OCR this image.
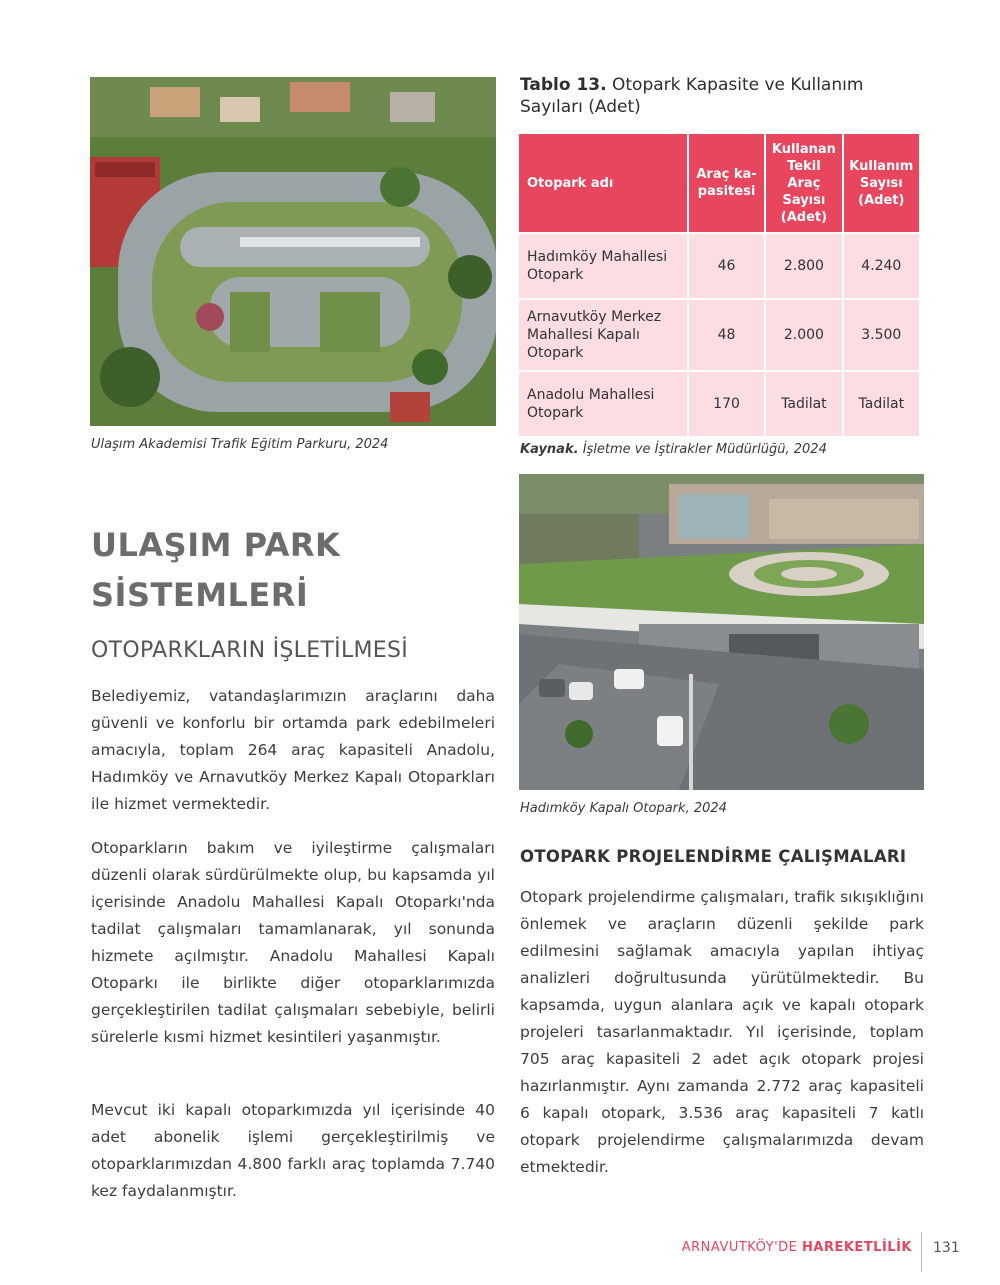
Ulaşım Akademisi Trafik Eğitim Parkuru, 2024
Tablo 13. Otopark Kapasite ve Kullanım Sayıları (Adet)
Otopark adı	Araç ka-pasitesi	Kullanan Tekil Araç Sayısı (Adet)	Kullanım Sayısı (Adet)
Hadımköy Mahallesi Otopark	46	2.800	4.240
Arnavutköy Merkez Mahallesi Kapalı Otopark	48	2.000	3.500
Anadolu Mahallesi Otopark	170	Tadilat	Tadilat
Kaynak. İşletme ve İştirakler Müdürlüğü, 2024
Hadımköy Kapalı Otopark, 2024
ULAŞIM PARK
SİSTEMLERİ
OTOPARKLARIN İŞLETİLMESİ

Belediyemiz, vatandaşlarımızın araçlarını daha güvenli ve konforlu bir ortamda park edebilmeleri amacıyla, toplam 264 araç kapasiteli Anadolu, Hadımköy ve Arnavutköy Merkez Kapalı Otoparkları ile hizmet vermektedir.

Otoparkların bakım ve iyileştirme çalışmaları düzenli olarak sürdürülmekte olup, bu kapsamda yıl içerisinde Anadolu Mahallesi Kapalı Otoparkı'nda tadilat çalışmaları tamamlanarak, yıl sonunda hizmete açılmıştır. Anadolu Mahallesi Kapalı Otoparkı ile birlikte diğer otoparklarımızda gerçekleştirilen tadilat çalışmaları sebebiyle, belirli sürelerle kısmi hizmet kesintileri yaşanmıştır.

Mevcut iki kapalı otoparkımızda yıl içerisinde 40 adet abonelik işlemi gerçekleştirilmiş ve otoparklarımızdan 4.800 farklı araç toplamda 7.740 kez faydalanmıştır.

OTOPARK PROJELENDİRME ÇALIŞMALARI

Otopark projelendirme çalışmaları, trafik sıkışıklığını önlemek ve araçların düzenli şekilde park edilmesini sağlamak amacıyla yapılan ihtiyaç analizleri doğrultusunda yürütülmektedir. Bu kapsamda, uygun alanlara açık ve kapalı otopark projeleri tasarlanmaktadır. Yıl içerisinde, toplam 705 araç kapasiteli 2 adet açık otopark projesi hazırlanmıştır. Aynı zamanda 2.772 araç kapasiteli 6 kapalı otopark, 3.536 araç kapasiteli 7 katlı otopark projelendirme çalışmalarımızda devam etmektedir.

ARNAVUTKÖY'DE HAREKETLİLİK 131
